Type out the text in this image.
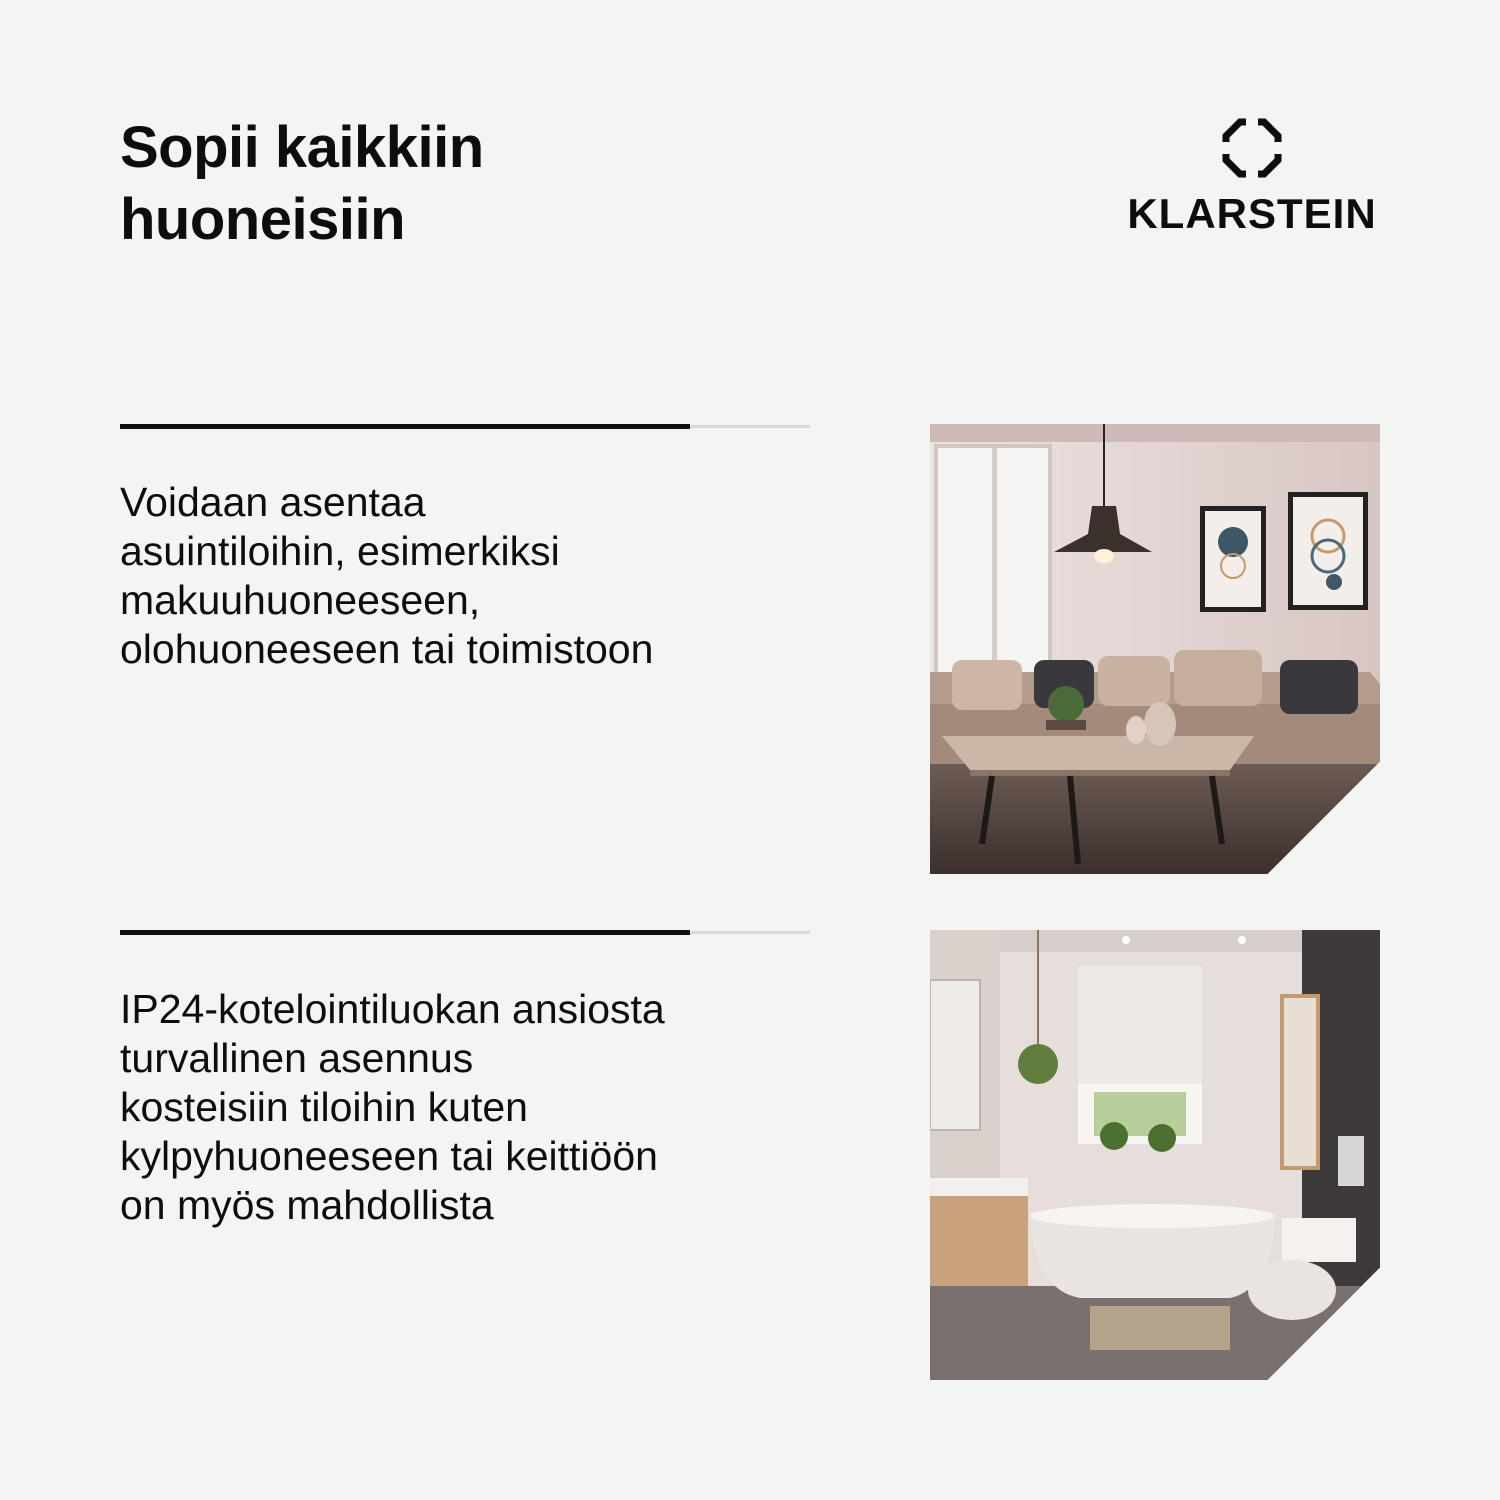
Sopii kaikkiin
huoneisiin	KLARSTEIN

Voidaan asentaa
asuintiloihin, esimerkiksi
makuuhuoneeseen,
olohuoneeseen tai toimistoon

IP24-kotelointiluokan ansiosta
turvallinen asennus
kosteisiin tiloihin kuten
kylpyhuoneeseen tai keittiöön
on myös mahdollista
